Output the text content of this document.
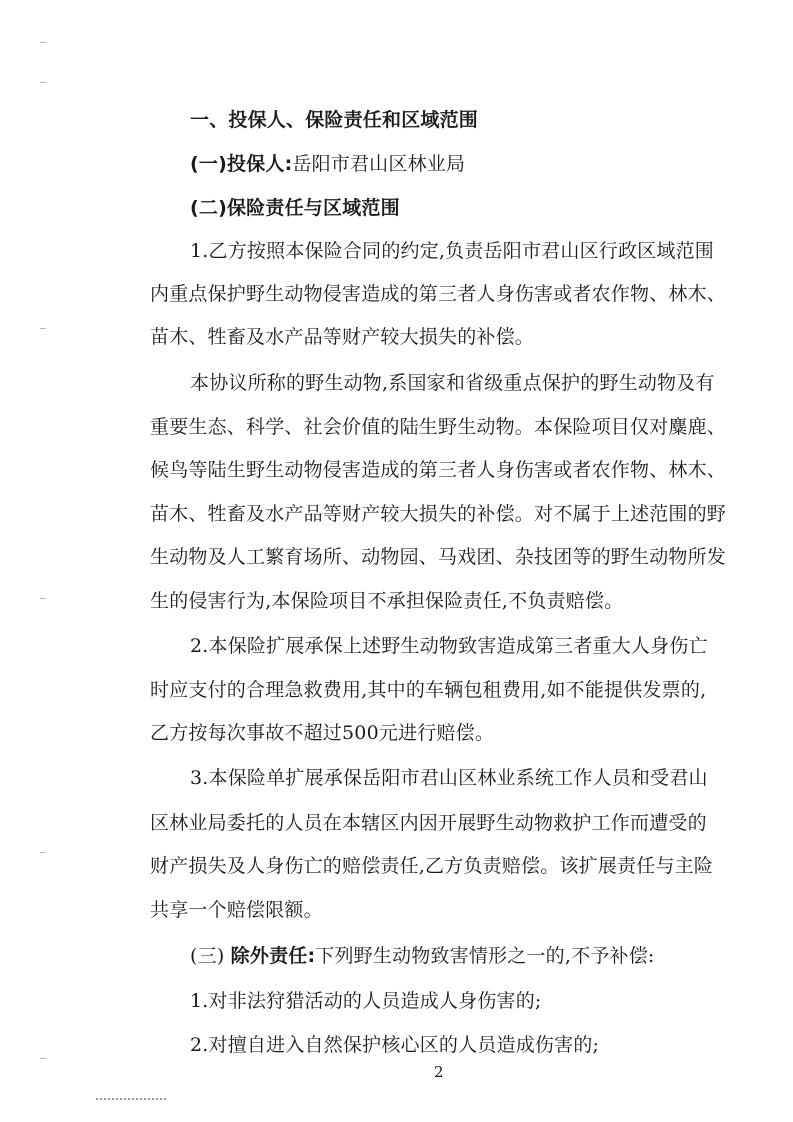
一、投保人、保险责任和区域范围
(一)投保人:岳阳市君山区林业局
(二)保险责任与区域范围
1.乙方按照本保险合同的约定,负责岳阳市君山区行政区域范围
内重点保护野生动物侵害造成的第三者人身伤害或者农作物、林木、
苗木、牲畜及水产品等财产较大损失的补偿。
本协议所称的野生动物,系国家和省级重点保护的野生动物及有
重要生态、科学、社会价值的陆生野生动物。本保险项目仅对麋鹿、
候鸟等陆生野生动物侵害造成的第三者人身伤害或者农作物、林木、
苗木、牲畜及水产品等财产较大损失的补偿。对不属于上述范围的野
生动物及人工繁育场所、动物园、马戏团、杂技团等的野生动物所发
生的侵害行为,本保险项目不承担保险责任,不负责赔偿。
2.本保险扩展承保上述野生动物致害造成第三者重大人身伤亡
时应支付的合理急救费用,其中的车辆包租费用,如不能提供发票的,
乙方按每次事故不超过500元进行赔偿。
3.本保险单扩展承保岳阳市君山区林业系统工作人员和受君山
区林业局委托的人员在本辖区内因开展野生动物救护工作而遭受的
财产损失及人身伤亡的赔偿责任,乙方负责赔偿。该扩展责任与主险
共享一个赔偿限额。
(三) 除外责任:下列野生动物致害情形之一的,不予补偿:
1.对非法狩猎活动的人员造成人身伤害的;
2.对擅自进入自然保护核心区的人员造成伤害的;
2
